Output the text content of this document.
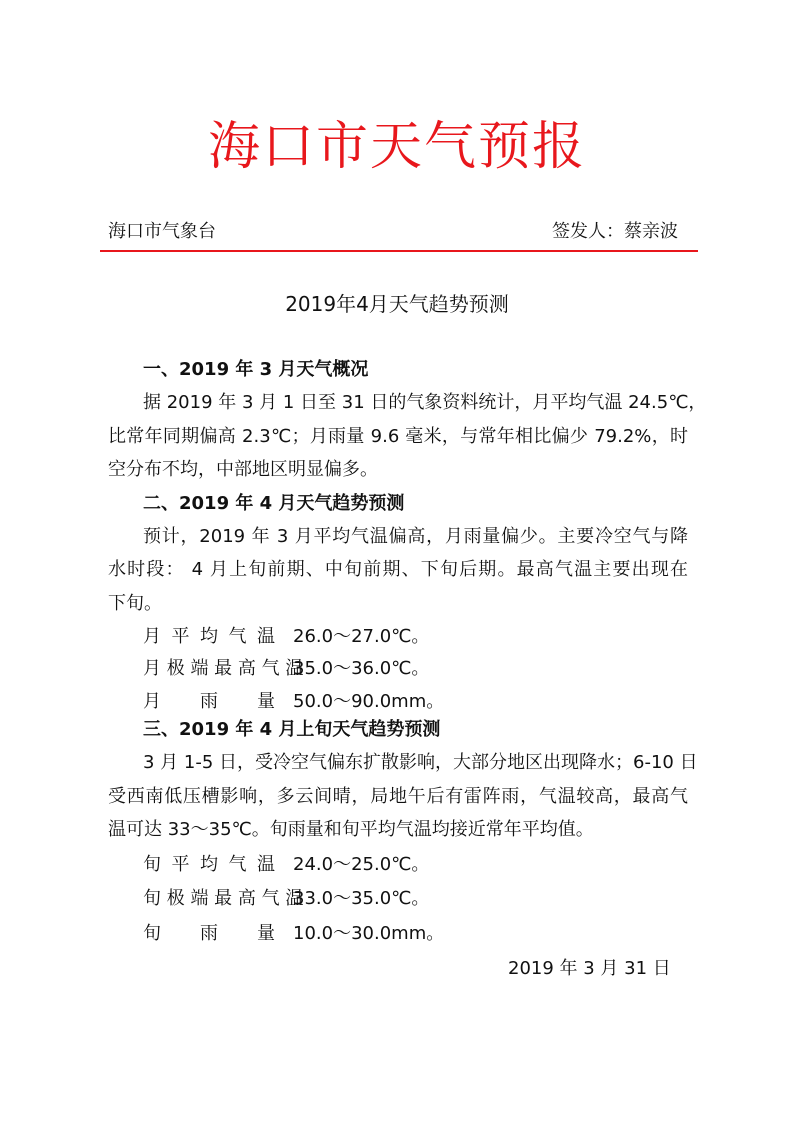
海口市天气预报
海口市气象台	签发人：蔡亲波
2019年4月天气趋势预测
一、2019 年 3 月天气概况
据 2019 年 3 月 1 日至 31 日的气象资料统计，月平均气温 24.5℃，
比常年同期偏高 2.3℃；月雨量 9.6 毫米，与常年相比偏少 79.2%，时
空分布不均，中部地区明显偏多。
二、2019 年 4 月天气趋势预测
预计，2019 年 3 月平均气温偏高，月雨量偏少。主要冷空气与降
水时段： 4 月上旬前期、中旬前期、下旬后期。最高气温主要出现在
下旬。
月 平 均 气 温 26.0～27.0℃。
月 极 端 最 高 气 温
35.0～36.0℃。
月 雨 量 50.0～90.0mm。
三、2019 年 4 月上旬天气趋势预测
3 月 1-5 日，受冷空气偏东扩散影响，大部分地区出现降水；6-10 日
受西南低压槽影响，多云间晴，局地午后有雷阵雨，气温较高，最高气
温可达 33～35℃。旬雨量和旬平均气温均接近常年平均值。
旬 平 均 气 温 24.0～25.0℃。
旬 极 端 最 高 气 温
33.0～35.0℃。
旬 雨 量 10.0～30.0mm。
2019 年 3 月 31 日
